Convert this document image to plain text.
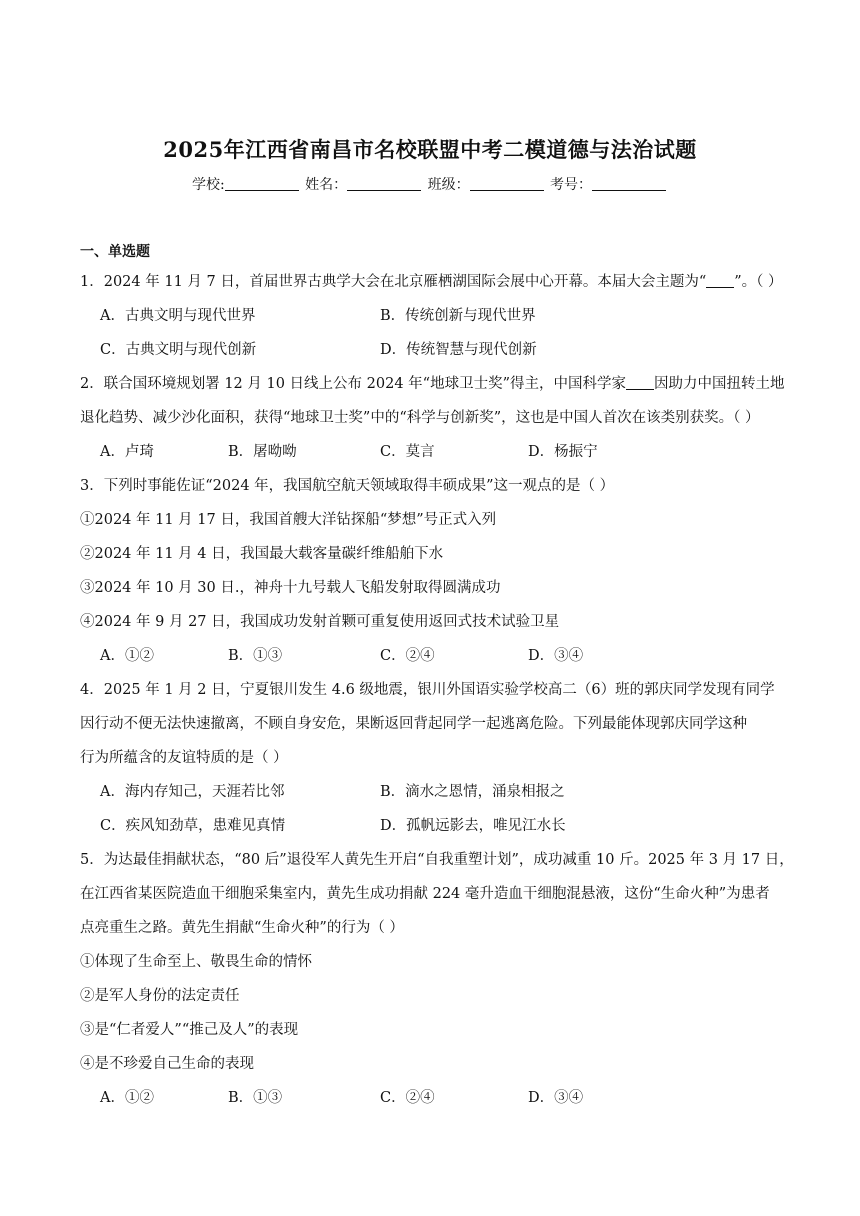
2025年江西省南昌市名校联盟中考二模道德与法治试题
学校:	姓名：	班级：	考号：
一、单选题
1．2024 年 11 月 7 日，首届世界古典学大会在北京雁栖湖国际会展中心开幕。本届大会主题为“ ”。（ ）
A．古典文明与现代世界	B．传统创新与现代世界
C．古典文明与现代创新	D．传统智慧与现代创新
2．联合国环境规划署 12 月 10 日线上公布 2024 年“地球卫士奖”得主，中国科学家 因助力中国扭转土地
退化趋势、减少沙化面积，获得“地球卫士奖”中的“科学与创新奖”，这也是中国人首次在该类别获奖。（ ）
A．卢琦	B．屠呦呦	C．莫言	D．杨振宁
3．下列时事能佐证“2024 年，我国航空航天领域取得丰硕成果”这一观点的是（ ）
①2024 年 11 月 17 日，我国首艘大洋钻探船“梦想”号正式入列
②2024 年 11 月 4 日，我国最大载客量碳纤维船舶下水
③2024 年 10 月 30 日.，神舟十九号载人飞船发射取得圆满成功
④2024 年 9 月 27 日，我国成功发射首颗可重复使用返回式技术试验卫星
A．①②	B．①③	C．②④	D．③④
4．2025 年 1 月 2 日，宁夏银川发生 4.6 级地震，银川外国语实验学校高二（6）班的郭庆同学发现有同学
因行动不便无法快速撤离，不顾自身安危，果断返回背起同学一起逃离危险。下列最能体现郭庆同学这种
行为所蕴含的友谊特质的是（ ）
A．海内存知己，天涯若比邻	B．滴水之恩情，涌泉相报之
C．疾风知劲草，患难见真情	D．孤帆远影去，唯见江水长
5．为达最佳捐献状态，“80 后”退役军人黄先生开启“自我重塑计划”，成功减重 10 斤。2025 年 3 月 17 日，
在江西省某医院造血干细胞采集室内，黄先生成功捐献 224 毫升造血干细胞混悬液，这份“生命火种”为患者
点亮重生之路。黄先生捐献“生命火种”的行为（ ）
①体现了生命至上、敬畏生命的情怀
②是军人身份的法定责任
③是“仁者爱人”“推己及人”的表现
④是不珍爱自己生命的表现
A．①②	B．①③	C．②④	D．③④
